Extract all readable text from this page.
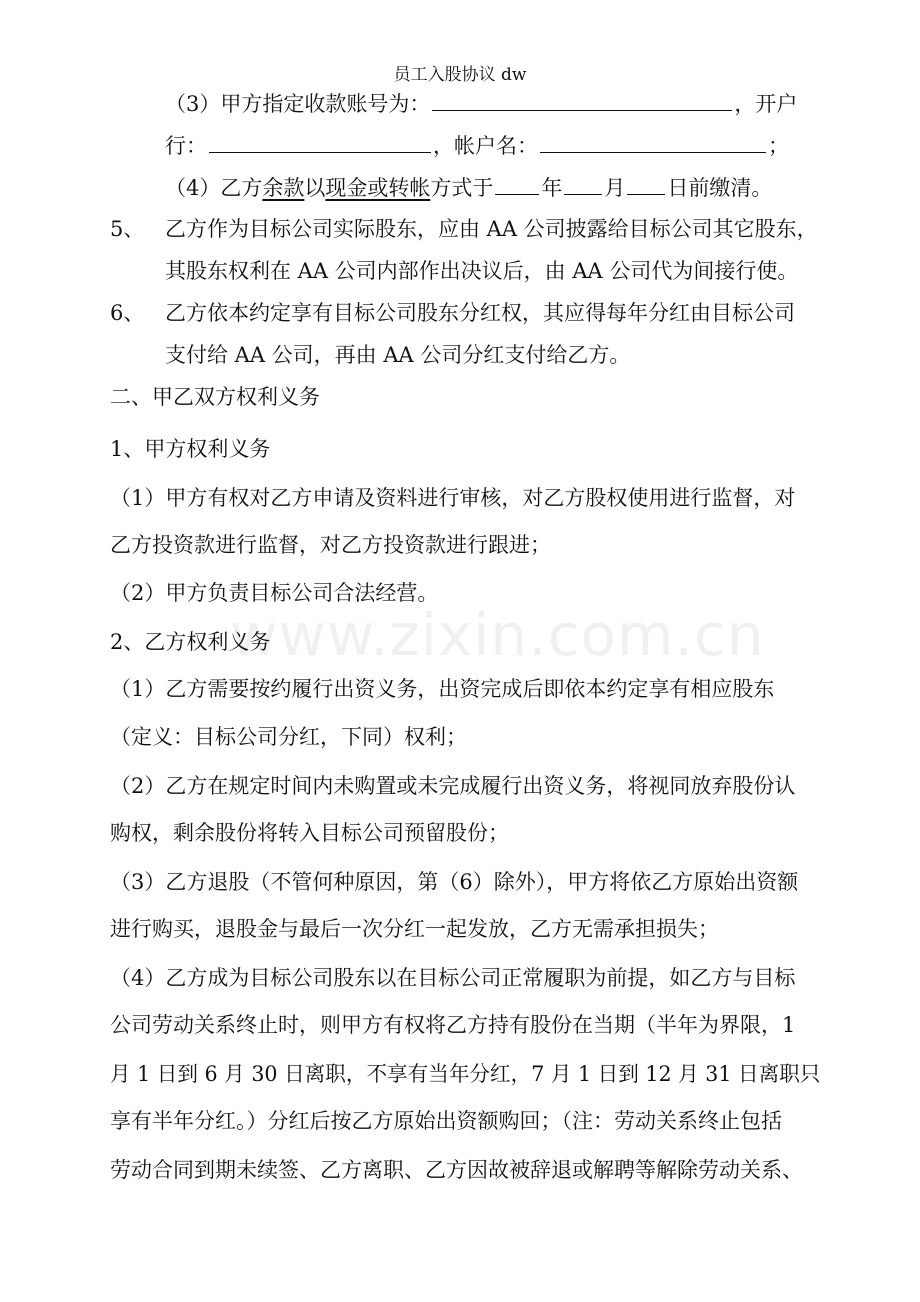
员工入股协议 dw
www.zixin.com.cn
（3）甲方指定收款账号为：	，开户
行：	，帐户名：	；
（4）乙方余款以现金或转帐方式于 年 月 日前缴清。
5、 乙方作为目标公司实际股东，应由 AA 公司披露给目标公司其它股东，
其股东权利在 AA 公司内部作出决议后，由 AA 公司代为间接行使。
6、 乙方依本约定享有目标公司股东分红权，其应得每年分红由目标公司
支付给 AA 公司，再由 AA 公司分红支付给乙方。
二、甲乙双方权利义务
1、甲方权利义务
（1）甲方有权对乙方申请及资料进行审核，对乙方股权使用进行监督，对
乙方投资款进行监督，对乙方投资款进行跟进；
（2）甲方负责目标公司合法经营。
2、乙方权利义务
（1）乙方需要按约履行出资义务，出资完成后即依本约定享有相应股东
（定义：目标公司分红，下同）权利；
（2）乙方在规定时间内未购置或未完成履行出资义务，将视同放弃股份认
购权，剩余股份将转入目标公司预留股份；
（3）乙方退股（不管何种原因，第（6）除外），甲方将依乙方原始出资额
进行购买，退股金与最后一次分红一起发放，乙方无需承担损失；
（4）乙方成为目标公司股东以在目标公司正常履职为前提，如乙方与目标
公司劳动关系终止时，则甲方有权将乙方持有股份在当期（半年为界限，1
月 1 日到 6 月 30 日离职，不享有当年分红，7 月 1 日到 12 月 31 日离职只
享有半年分红。）分红后按乙方原始出资额购回；（注：劳动关系终止包括
劳动合同到期未续签、乙方离职、乙方因故被辞退或解聘等解除劳动关系、
